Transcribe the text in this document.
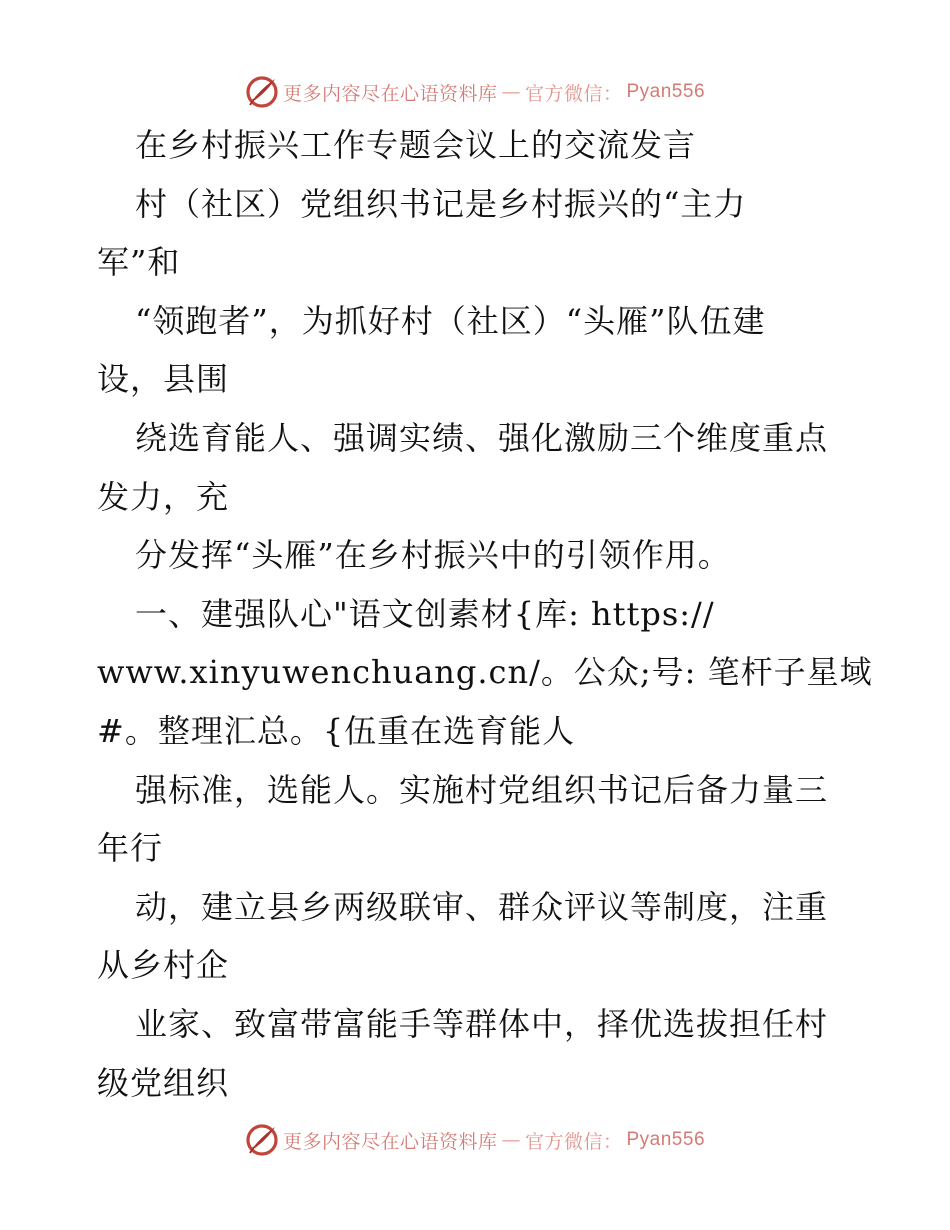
更多内容尽在心语资料库 — 官方微信： Pyan556
在乡村振兴工作专题会议上的交流发言
村（社区）党组织书记是乡村振兴的“主力
军”和
“领跑者”，为抓好村（社区）“头雁”队伍建
设，县围
绕选育能人、强调实绩、强化激励三个维度重点
发力，充
分发挥“头雁”在乡村振兴中的引领作用。
一、建强队心"语文创素材{库: https://
www.xinyuwenchuang.cn/。公众;号: 笔杆子星域
#。整理汇总。{伍重在选育能人
强标准，选能人。实施村党组织书记后备力量三
年行
动，建立县乡两级联审、群众评议等制度，注重
从乡村企
业家、致富带富能手等群体中，择优选拔担任村
级党组织
更多内容尽在心语资料库 — 官方微信： Pyan556
